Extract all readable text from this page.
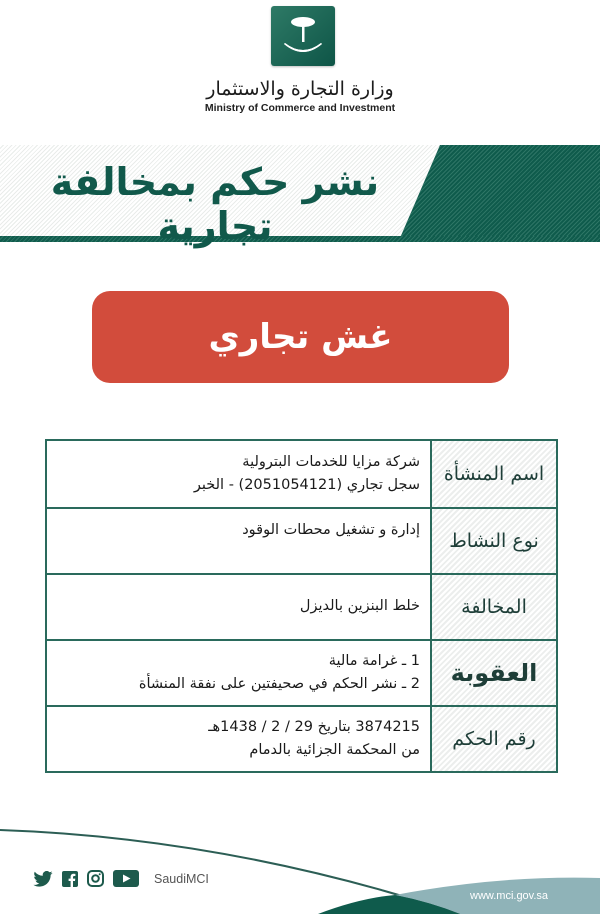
وزارة التجارة والاستثمار
Ministry of Commerce and Investment
نشر حكم بمخالفة تجارية
غش تجاري
اسم المنشأة
شركة مزايا للخدمات البترولية
سجل تجاري (2051054121) - الخبر
نوع النشاط
إدارة و تشغيل محطات الوقود
المخالفة
خلط البنزين بالديزل
العقوبة
1 ـ غرامة مالية
2 ـ نشر الحكم في صحيفتين على نفقة المنشأة
رقم الحكم
3874215 بتاريخ 29 / 2 / 1438هـ
من المحكمة الجزائية بالدمام
SaudiMCI
www.mci.gov.sa
